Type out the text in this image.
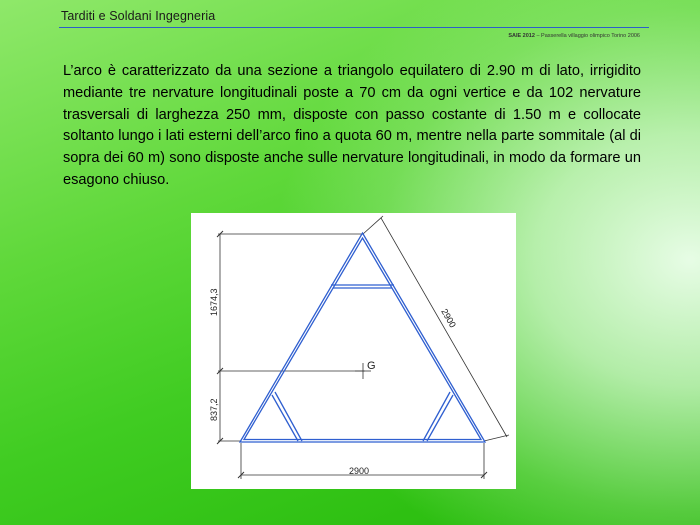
Tarditi e Soldani Ingegneria
SAIE 2012 – Passerella villaggio olimpico Torino 2006
L’arco è caratterizzato da una sezione a triangolo equilatero di 2.90 m di lato, irrigidito mediante tre nervature longitudinali poste a 70 cm da ogni vertice e da 102 nervature trasversali di larghezza 250 mm, disposte con passo costante di 1.50 m e collocate soltanto lungo i lati esterni dell’arco fino a quota 60 m, mentre nella parte sommitale (al di sopra dei 60 m) sono disposte anche sulle nervature longitudinali, in modo da formare un esagono chiuso.
G
1674,3
837,2
2900
2900
